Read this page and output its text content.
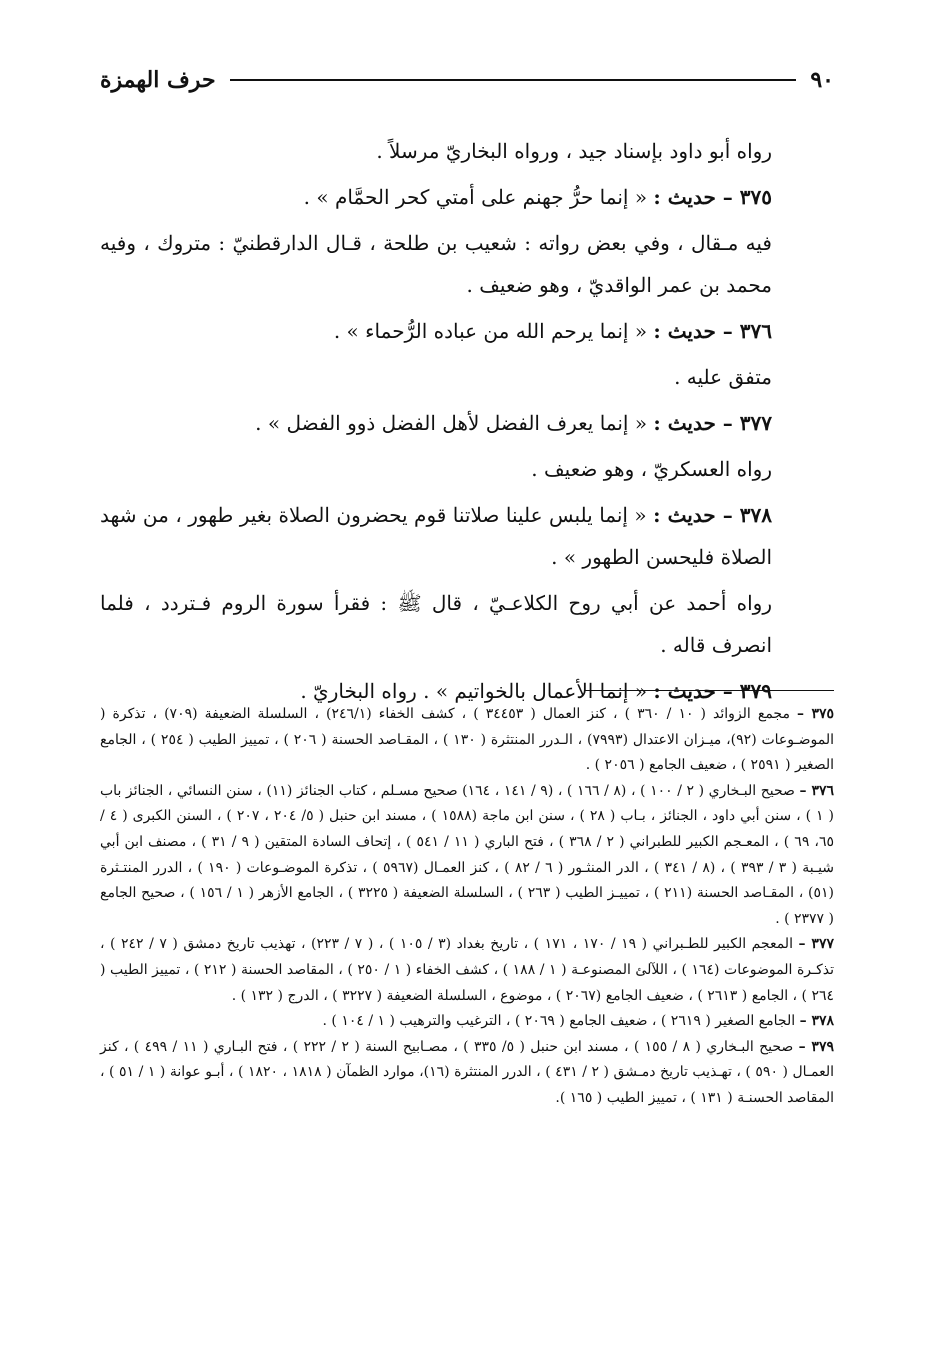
حرف الهمزة	٩٠

رواه أبو داود بإسناد جيد ، ورواه البخاريّ مرسلاً .

٣٧٥ – حديث : « إنما حرُّ جهنم على أمتي كحر الحمَّام » .

فيه مـقال ، وفي بعض رواته : شعيب بن طلحة ، قـال الدارقطنيّ : متروك ، وفيه محمد بن عمر الواقديّ ، وهو ضعيف .

٣٧٦ – حديث : « إنما يرحم الله من عباده الرُّحماء » .

متفق عليه .

٣٧٧ – حديث : « إنما يعرف الفضل لأهل الفضل ذوو الفضل » .

رواه العسكريّ ، وهو ضعيف .

٣٧٨ – حديث : « إنما يلبس علينا صلاتنا قوم يحضرون الصلاة بغير طهور ، من شهد الصلاة فليحسن الطهور » .

رواه أحمد عن أبي روح الكلاعـيّ ، قال ﷺ : فقرأ سورة الروم فـتردد ، فلما انصرف قاله .

٣٧٩ – حديث : « إنما الأعمال بالخواتيم » . رواه البخاريّ .

٣٧٥ – مجمع الزوائد ( ١٠ / ٣٦٠ ) ، كنز العمال ( ٣٤٤٥٣ ) ، كشف الخفاء (٢٤٦/١) ، السلسلة الضعيفة (٧٠٩) ، تذكرة ( الموضـوعات (٩٢)، ميـزان الاعتدال (٧٩٩٣) ، الـدرر المنتثرة ( ١٣٠ ) ، المقـاصد الحسنة ( ٢٠٦ ) ، تمييز الطيب ( ٢٥٤ ) ، الجامع الصغير ( ٢٥٩١ ) ، ضعيف الجامع ( ٢٠٥٦ ) .

٣٧٦ – صحيح البـخاري ( ٢ / ١٠٠ ) ، (٨ / ١٦٦ ) ، (٩ / ١٤١ ، ١٦٤) صحيح مسـلم ، كتاب الجنائز (١١) ، سنن النسائي ، الجنائز باب ( ١ ) ، سنن أبي داود ، الجنائز ، بـاب ( ٢٨ ) ، سنن ابن ماجة (١٥٨٨ ) ، مسند ابن حنبل ( ٥/ ٢٠٤ ، ٢٠٧ ) ، السنن الكبرى ( ٤ / ٦٥، ٦٩ ) ، المعـجم الكبير للطبراني ( ٢ / ٣٦٨ ) ، فتح الباري ( ١١ / ٥٤١ ) ، إتحاف السادة المتقين ( ٩ / ٣١ ) ، مصنف ابن أبي شيـبة ( ٣ / ٣٩٣ ) ، (٨ / ٣٤١ ) ، الدر المنثـور ( ٦ / ٨٢ ) ، كنز العمـال (٥٩٦٧ ) ، تذكرة الموضـوعات ( ١٩٠ ) ، الدرر المنتـثرة (٥١) ، المقـاصد الحسنة (٢١١ ) ، تمييـز الطيب ( ٢٦٣ ) ، السلسلة الضعيفة ( ٣٢٢٥ ) ، الجامع الأزهر ( ١ / ١٥٦ ) ، صحيح الجامع ( ٢٣٧٧ ) .

٣٧٧ – المعجم الكبير للطـبراني ( ١٩ / ١٧٠ ، ١٧١ ) ، تاريخ بغداد (٣ / ١٠٥ ) ، ( ٧ / ٢٢٣) ، تهذيب تاريخ دمشق ( ٧ / ٢٤٢ ) ، تذكـرة الموضوعات (١٦٤ ) ، اللآلئ المصنوعـة ( ١ / ١٨٨ ) ، كشف الخفاء ( ١ / ٢٥٠ ) ، المقاصد الحسنة ( ٢١٢ ) ، تمييز الطيب ( ٢٦٤ ) ، الجامع ( ٢٦١٣ ) ، ضعيف الجامع (٢٠٦٧ ) ، موضوع ، السلسلة الضعيفة ( ٣٢٢٧ ) ، الدرج ( ١٣٢ ) .

٣٧٨ – الجامع الصغير ( ٢٦١٩ ) ، ضعيف الجامع ( ٢٠٦٩ ) ، الترغيب والترهيب ( ١ / ١٠٤ ) .

٣٧٩ – صحيح البـخاري ( ٨ / ١٥٥ ) ، مسند ابن حنبل ( ٥/ ٣٣٥ ) ، مصـابيح السنة ( ٢ / ٢٢٢ ) ، فتح البـاري ( ١١ / ٤٩٩ ) ، كنز العمـال ( ٥٩٠ ) ، تهـذيب تاريخ دمـشق ( ٢ / ٤٣١ ) ، الدرر المنتثرة (١٦)، موارد الظمآن ( ١٨١٨ ، ١٨٢٠ ) ، أبـو عوانة ( ١ / ٥١ ) ، المقاصد الحسنـة ( ١٣١ ) ، تمييز الطيب ( ١٦٥ ).
